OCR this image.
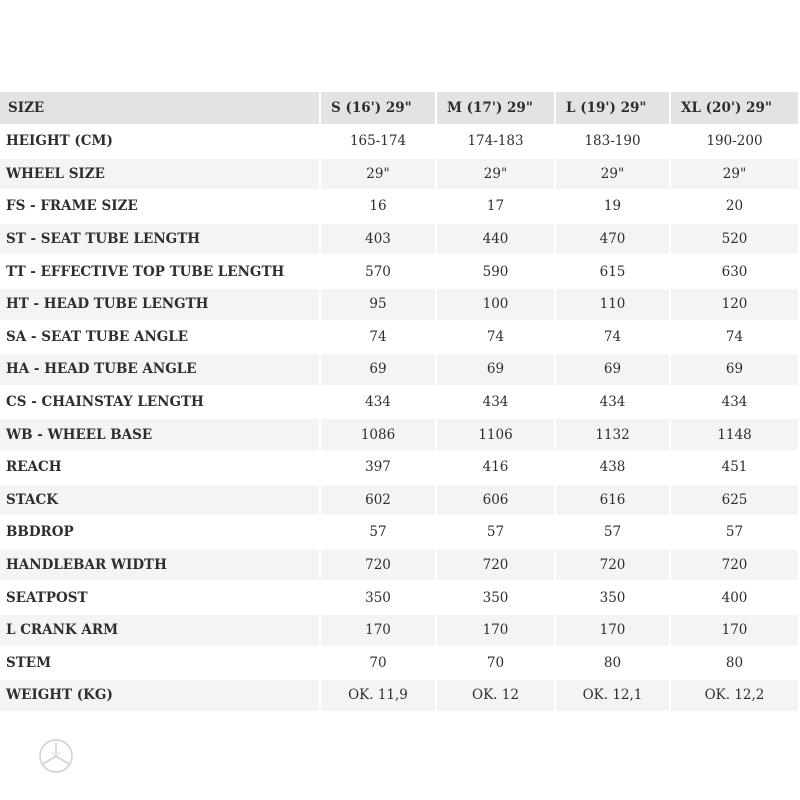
SIZE	S (16') 29"	M (17') 29"	L (19') 29"	XL (20') 29"
HEIGHT (CM)	165-174	174-183	183-190	190-200
WHEEL SIZE	29"	29"	29"	29"
FS - FRAME SIZE	16	17	19	20
ST - SEAT TUBE LENGTH	403	440	470	520
TT - EFFECTIVE TOP TUBE LENGTH	570	590	615	630
HT - HEAD TUBE LENGTH	95	100	110	120
SA - SEAT TUBE ANGLE	74	74	74	74
HA - HEAD TUBE ANGLE	69	69	69	69
CS - CHAINSTAY LENGTH	434	434	434	434
WB - WHEEL BASE	1086	1106	1132	1148
REACH	397	416	438	451
STACK	602	606	616	625
BBDROP	57	57	57	57
HANDLEBAR WIDTH	720	720	720	720
SEATPOST	350	350	350	400
L CRANK ARM	170	170	170	170
STEM	70	70	80	80
WEIGHT (KG)	OK. 11,9	OK. 12	OK. 12,1	OK. 12,2
